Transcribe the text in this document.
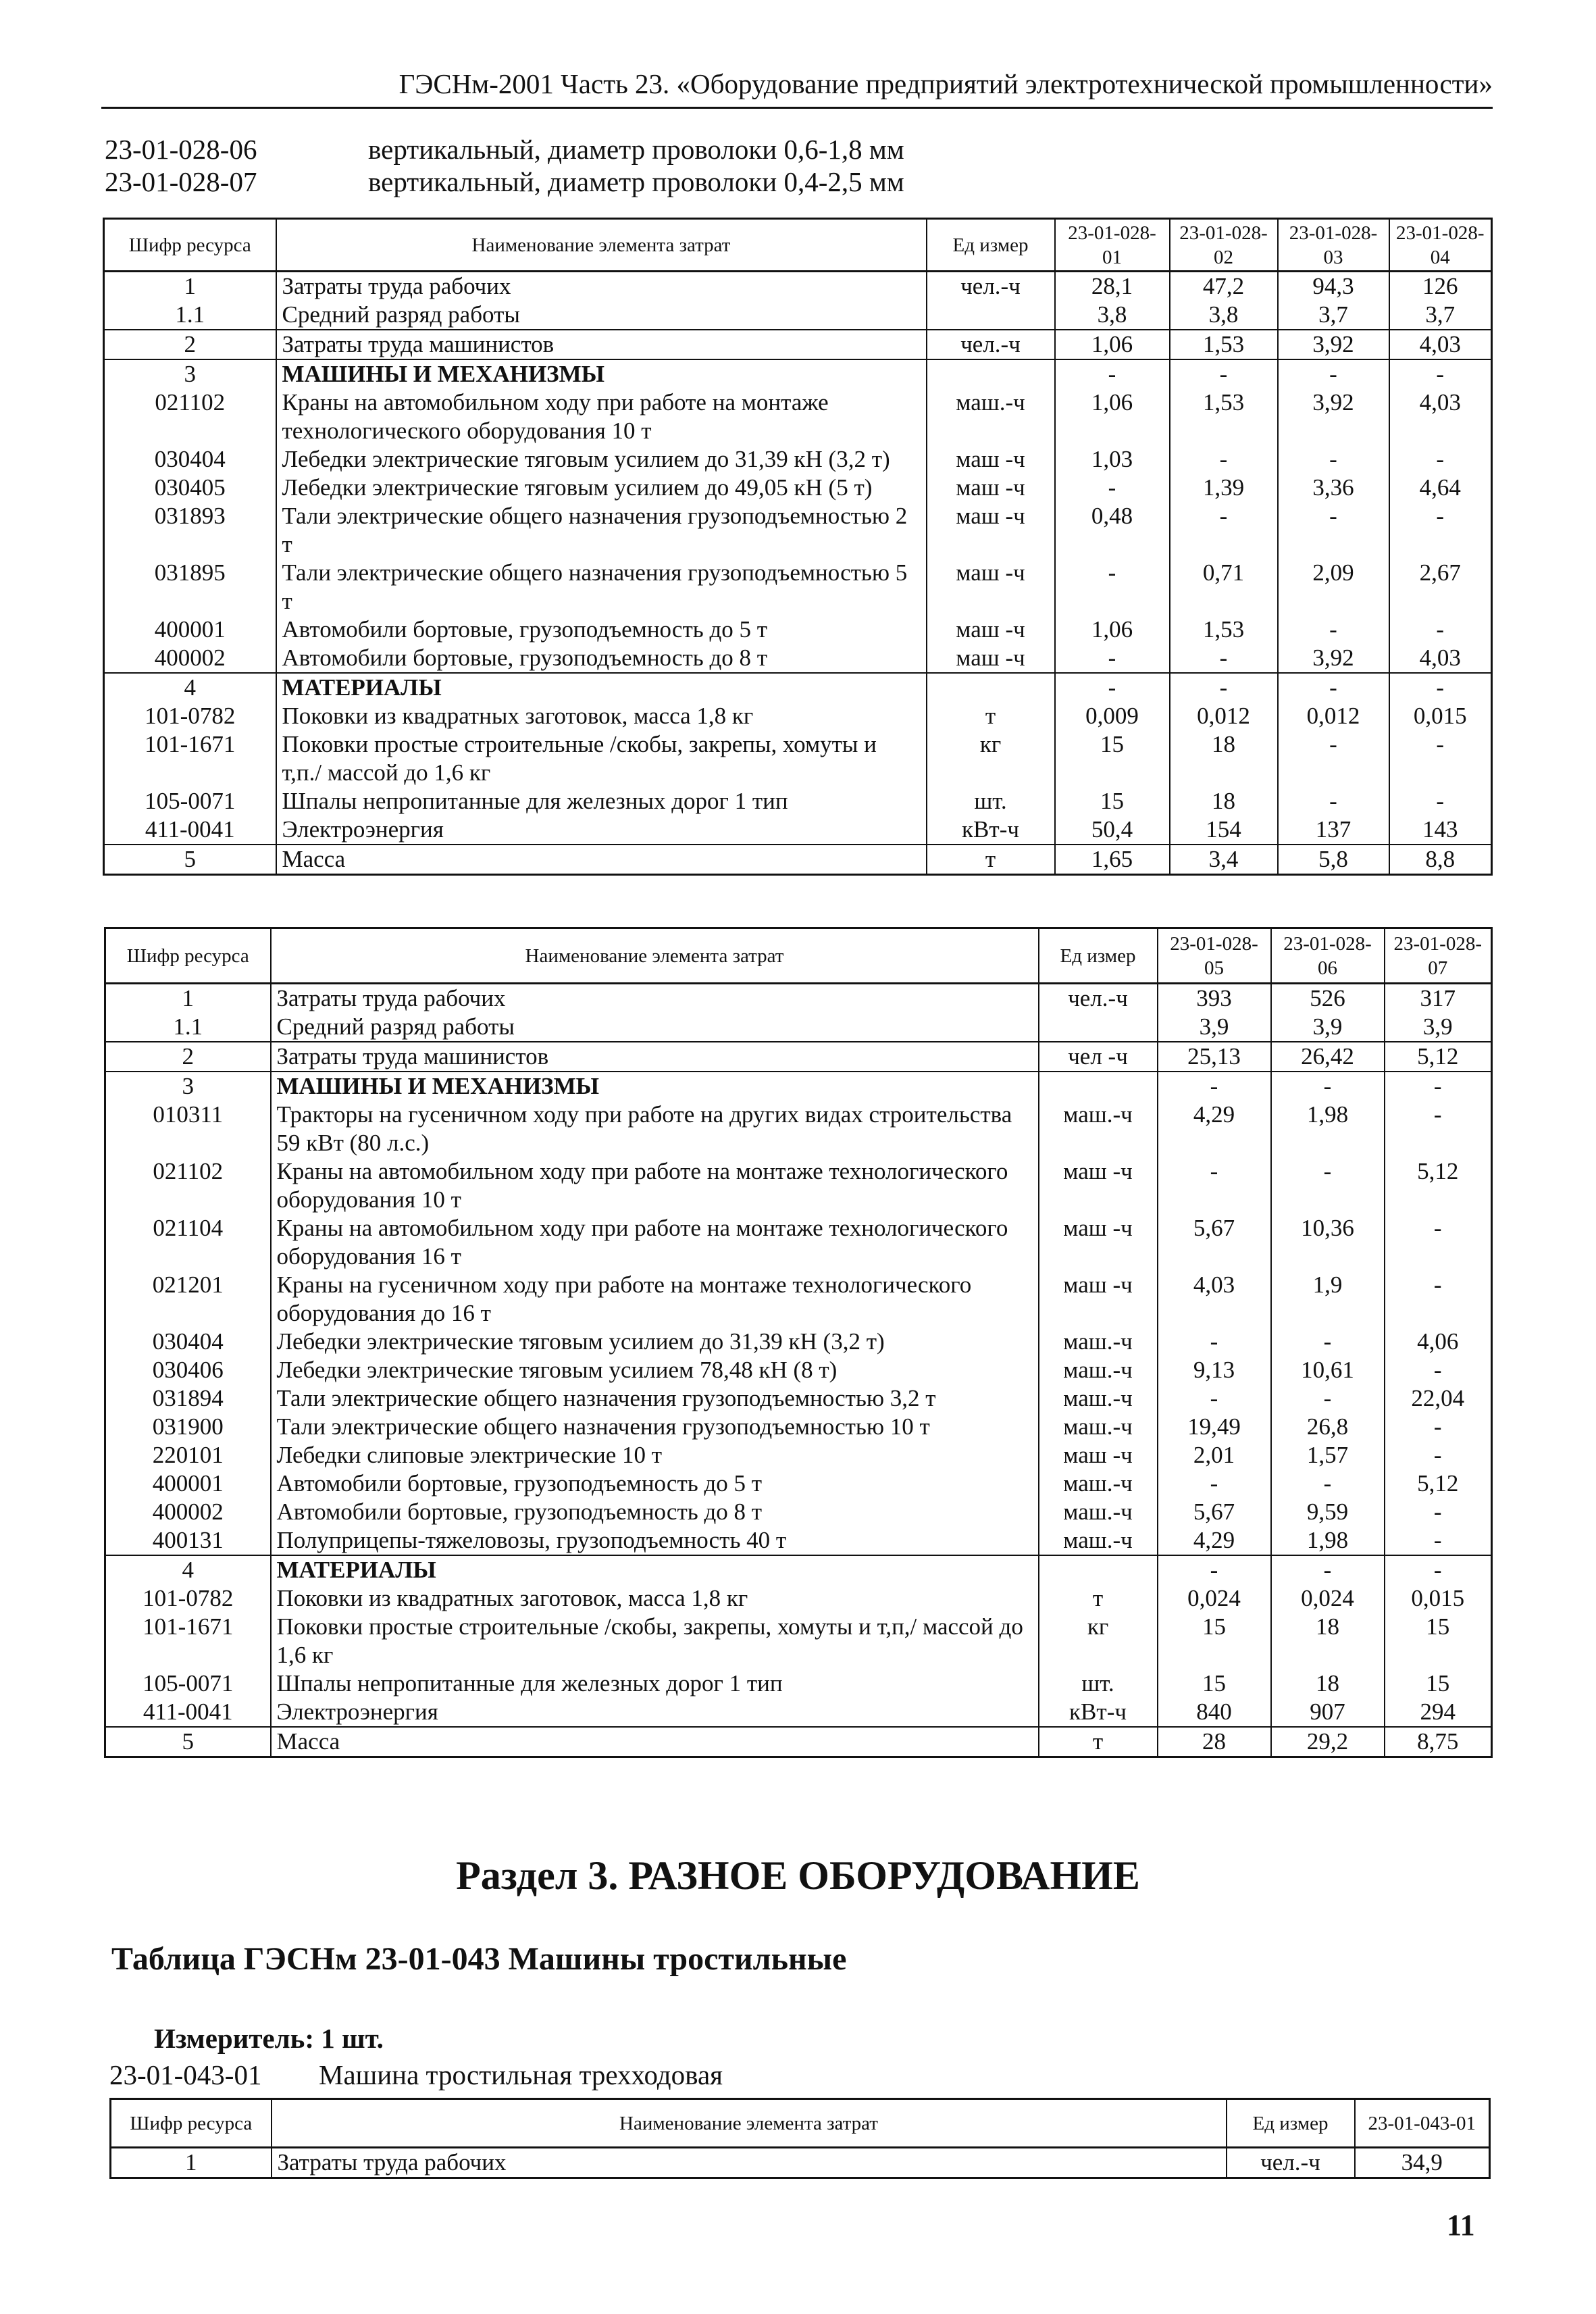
ГЭСНм-2001 Часть 23. «Оборудование предприятий электротехнической промышленности»
23-01-028-06	вертикальный, диаметр проволоки 0,6-1,8 мм
23-01-028-07	вертикальный, диаметр проволоки 0,4-2,5 мм
Шифр ресурса	Наименование элемента затрат	Ед измер	23-01-028-01	23-01-028-02	23-01-028-03	23-01-028-04
1	Затраты труда рабочих	чел.-ч	28,1	47,2	94,3	126
1.1	Средний разряд работы		3,8	3,8	3,7	3,7
2	Затраты труда машинистов	чел.-ч	1,06	1,53	3,92	4,03
3	МАШИНЫ И МЕХАНИЗМЫ		-	-	-	-
021102	Краны на автомобильном ходу при работе на монтаже технологического оборудования 10 т	маш.-ч	1,06	1,53	3,92	4,03
030404	Лебедки электрические тяговым усилием до 31,39 кН (3,2 т)	маш -ч	1,03	-	-	-
030405	Лебедки электрические тяговым усилием до 49,05 кН (5 т)	маш -ч	-	1,39	3,36	4,64
031893	Тали электрические общего назначения грузоподъемностью 2 т	маш -ч	0,48	-	-	-
031895	Тали электрические общего назначения грузоподъемностью 5 т	маш -ч	-	0,71	2,09	2,67
400001	Автомобили бортовые, грузоподъемность до 5 т	маш -ч	1,06	1,53	-	-
400002	Автомобили бортовые, грузоподъемность до 8 т	маш -ч	-	-	3,92	4,03
4	МАТЕРИАЛЫ		-	-	-	-
101-0782	Поковки из квадратных заготовок, масса 1,8 кг	т	0,009	0,012	0,012	0,015
101-1671	Поковки простые строительные /скобы, закрепы, хомуты и т,п./ массой до 1,6 кг	кг	15	18	-	-
105-0071	Шпалы непропитанные для железных дорог 1 тип	шт.	15	18	-	-
411-0041	Электроэнергия	кВт-ч	50,4	154	137	143
5	Масса	т	1,65	3,4	5,8	8,8
Шифр ресурса	Наименование элемента затрат	Ед измер	23-01-028-05	23-01-028-06	23-01-028-07
1	Затраты труда рабочих	чел.-ч	393	526	317
1.1	Средний разряд работы		3,9	3,9	3,9
2	Затраты труда машинистов	чел -ч	25,13	26,42	5,12
3	МАШИНЫ И МЕХАНИЗМЫ		-	-	-
010311	Тракторы на гусеничном ходу при работе на других видах строительства 59 кВт (80 л.с.)	маш.-ч	4,29	1,98	-
021102	Краны на автомобильном ходу при работе на монтаже технологического оборудования 10 т	маш -ч	-	-	5,12
021104	Краны на автомобильном ходу при работе на монтаже технологического оборудования 16 т	маш -ч	5,67	10,36	-
021201	Краны на гусеничном ходу при работе на монтаже технологического оборудования до 16 т	маш -ч	4,03	1,9	-
030404	Лебедки электрические тяговым усилием до 31,39 кН (3,2 т)	маш.-ч	-	-	4,06
030406	Лебедки электрические тяговым усилием 78,48 кН (8 т)	маш.-ч	9,13	10,61	-
031894	Тали электрические общего назначения грузоподъемностью 3,2 т	маш.-ч	-	-	22,04
031900	Тали электрические общего назначения грузоподъемностью 10 т	маш.-ч	19,49	26,8	-
220101	Лебедки слиповые электрические 10 т	маш -ч	2,01	1,57	-
400001	Автомобили бортовые, грузоподъемность до 5 т	маш.-ч	-	-	5,12
400002	Автомобили бортовые, грузоподъемность до 8 т	маш.-ч	5,67	9,59	-
400131	Полуприцепы-тяжеловозы, грузоподъемность 40 т	маш.-ч	4,29	1,98	-
4	МАТЕРИАЛЫ		-	-	-
101-0782	Поковки из квадратных заготовок, масса 1,8 кг	т	0,024	0,024	0,015
101-1671	Поковки простые строительные /скобы, закрепы, хомуты и т,п,/ массой до 1,6 кг	кг	15	18	15
105-0071	Шпалы непропитанные для железных дорог 1 тип	шт.	15	18	15
411-0041	Электроэнергия	кВт-ч	840	907	294
5	Масса	т	28	29,2	8,75
Раздел 3. РАЗНОЕ ОБОРУДОВАНИЕ
Таблица ГЭСНм 23-01-043 Машины тростильные
Измеритель: 1 шт.
23-01-043-01 Машина тростильная трехходовая
Шифр ресурса	Наименование элемента затрат	Ед измер	23-01-043-01
1	Затраты труда рабочих	чел.-ч	34,9
11
